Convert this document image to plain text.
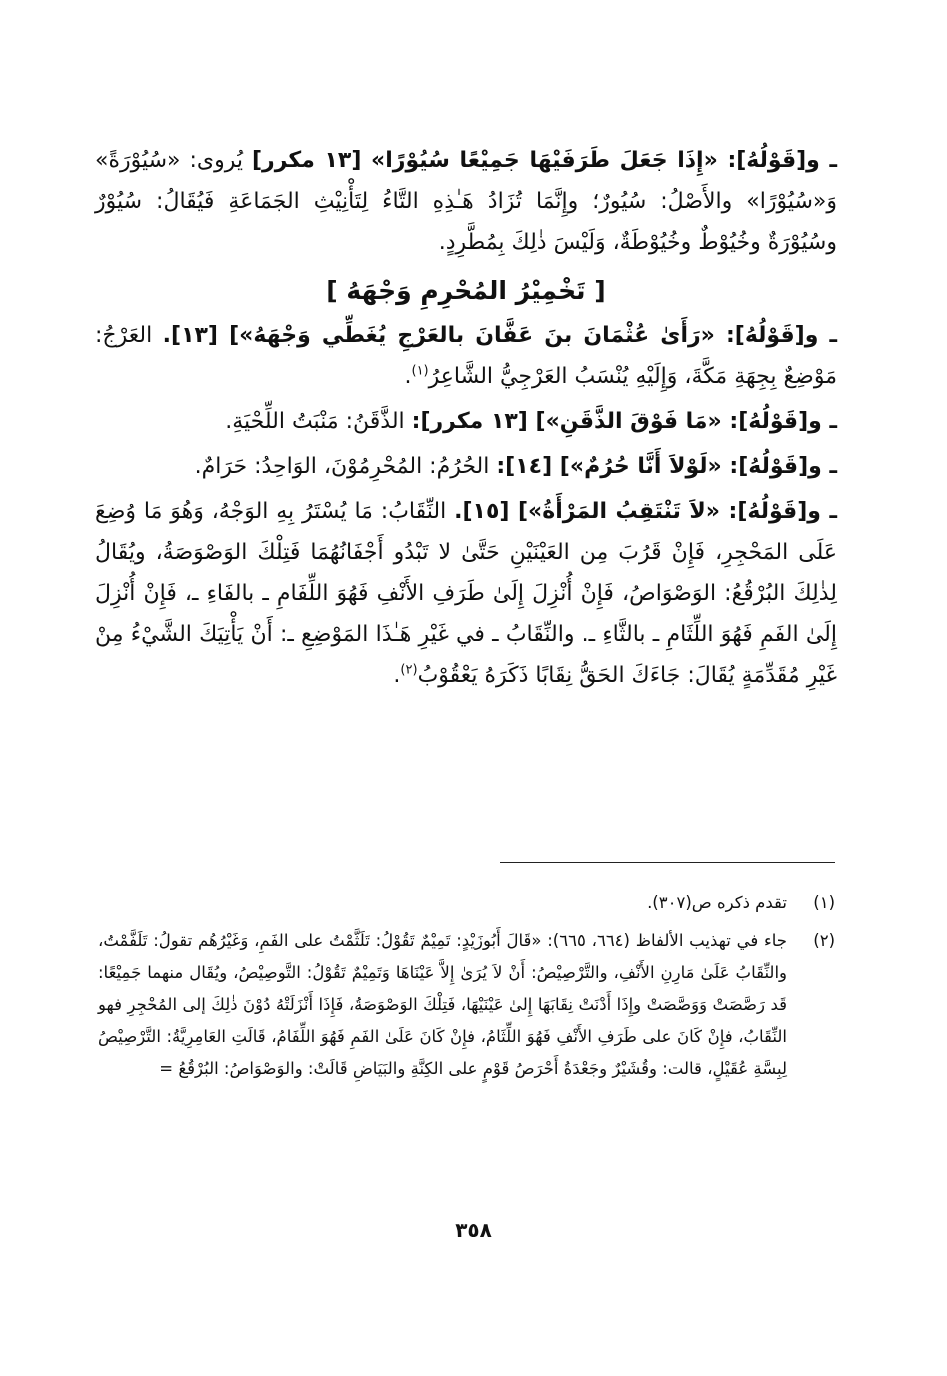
ـ و[قَوْلُهُ]: «إِذَا جَعَلَ طَرَفَيْهَا جَمِيْعًا سُيُوْرًا» [١٣ مكرر] يُروى: «سُيُوْرَةً» وَ«سُيُوْرًا» والأَصْلُ: سُيُورٌ؛ وإِنَّمَا تُزَادُ هَـٰذِهِ التَّاءُ لِتَأْنِيْثِ الجَمَاعَةِ فَيُقَالُ: سُيُوْرٌ وسُيُوْرَةٌ وخُيُوْطٌ وخُيُوْطَةٌ، وَلَيْسَ ذٰلِكَ بِمُطَّرِدٍ.

[ تَخْمِيْرُ المُحْرِمِ وَجْهَهُ ]

ـ و[قَوْلُهُ]: «رَأَىٰ عُثْمَانَ بنَ عَفَّانَ بالعَرْجِ يُغَطِّي وَجْهَهُ»] [١٣]. العَرْجُ: مَوْضِعٌ بِجِهَةِ مَكَّةَ، وَإِلَيْهِ يُنْسَبُ العَرْجِيُّ الشَّاعِرُ$^{(١)}$.

ـ و[قَوْلُهُ]: «مَا فَوْقَ الذَّقَنِ»] [١٣ مكرر]: الذَّقَنُ: مَنْبَتُ اللِّحْيَةِ.

ـ و[قَوْلُهُ]: «لَوْلاَ أَنَّا حُرُمٌ»] [١٤]: الحُرُمُ: المُحْرِمُوْنَ، الوَاحِدُ: حَرَامٌ.

ـ و[قَوْلُهُ]: «لاَ تَنْتَقِبُ المَرْأَةُ»] [١٥]. النِّقَابُ: مَا يُسْتَرُ بِهِ الوَجْهُ، وَهُوَ مَا وُضِعَ عَلَى المَحْجِرِ، فَإِنْ قَرُبَ مِن العَيْنَيْنِ حَتَّىٰ لا تَبْدُو أَجْفَانُهُمَا فَتِلْكَ الوَصْوَصَةُ، ويُقَالُ لِذٰلِكَ البُرْقُعُ: الوَصْوَاصُ، فَإِنْ أُنْزِلَ إِلَىٰ طَرَفِ الأَنْفِ فَهُوَ اللِّفَامِ ـ بالفَاءِ ـ، فَإِنْ أُنْزِلَ إِلَىٰ الفَمِ فَهُوَ اللِّثَامِ ـ بالثَّاءِ ـ. والنِّقَابُ ـ في غَيْرِ هَـٰذَا المَوْضِعِ ـ: أَنْ يَأْتِيَكَ الشَّيْءُ مِنْ غَيْرِ مُقَدِّمَةٍ يُقَالَ: جَاءَكَ الحَقُّ نِقَابًا ذَكَرَهُ يَعْقُوْبُ$^{(٢)}$.

(١)
تقدم ذكره ص(٣٠٧).

(٢)
جاء في تهذيب الألفاظ (٦٦٤، ٦٦٥): «قَالَ أَبُوزَيْدٍ: تَمِيْمٌ تَقُوْلُ: تَلَثَّمْتُ على الفَمِ، وَغَيْرُهُم تقولُ: تَلَفَّمْتُ، والنِّقَابُ عَلَىٰ مَارِنِ الأَنْفِ، والتَّرْصِيْصُ: أَنْ لاَ يُرَىٰ إِلاَّ عَيْنَاهَا وَتَمِيْمٌ تَقُوْلُ: التَّوصِيْصُ، ويُقَال منهما جَمِيْعًا: قَد رَصَّصَتْ وَوَصَّصَتْ وإِذَا أَدْنَتْ نِقَابَهَا إِلىٰ عَيْنَيْهَا، فَتِلْكَ الوَصْوَصَةُ، فَإِذَا أَنْزَلَتْهُ دُوْنَ ذٰلِكَ إلى المُحْجِرِ فهو النِّقَابُ، فإِنْ كَانَ على طَرَفِ الأَنْفِ فَهُوَ اللِّثَامُ، فإِنْ كَانَ عَلَىٰ الفَمِ فَهُوَ اللِّفَامُ، قَالَتِ العَامِرِيَّةُ: التَّرْصِيْصُ لِبِسَّةِ عُقَيْلٍ، قالت: وقُشَيْرٌ وجَعْدَةُ أَحْرَصُ قَوْمٍ على الكِنَّةِ والبَيَاضِ قَالَتْ: والوَصْوَاصُ: البُرْقُعُ =

٣٥٨
